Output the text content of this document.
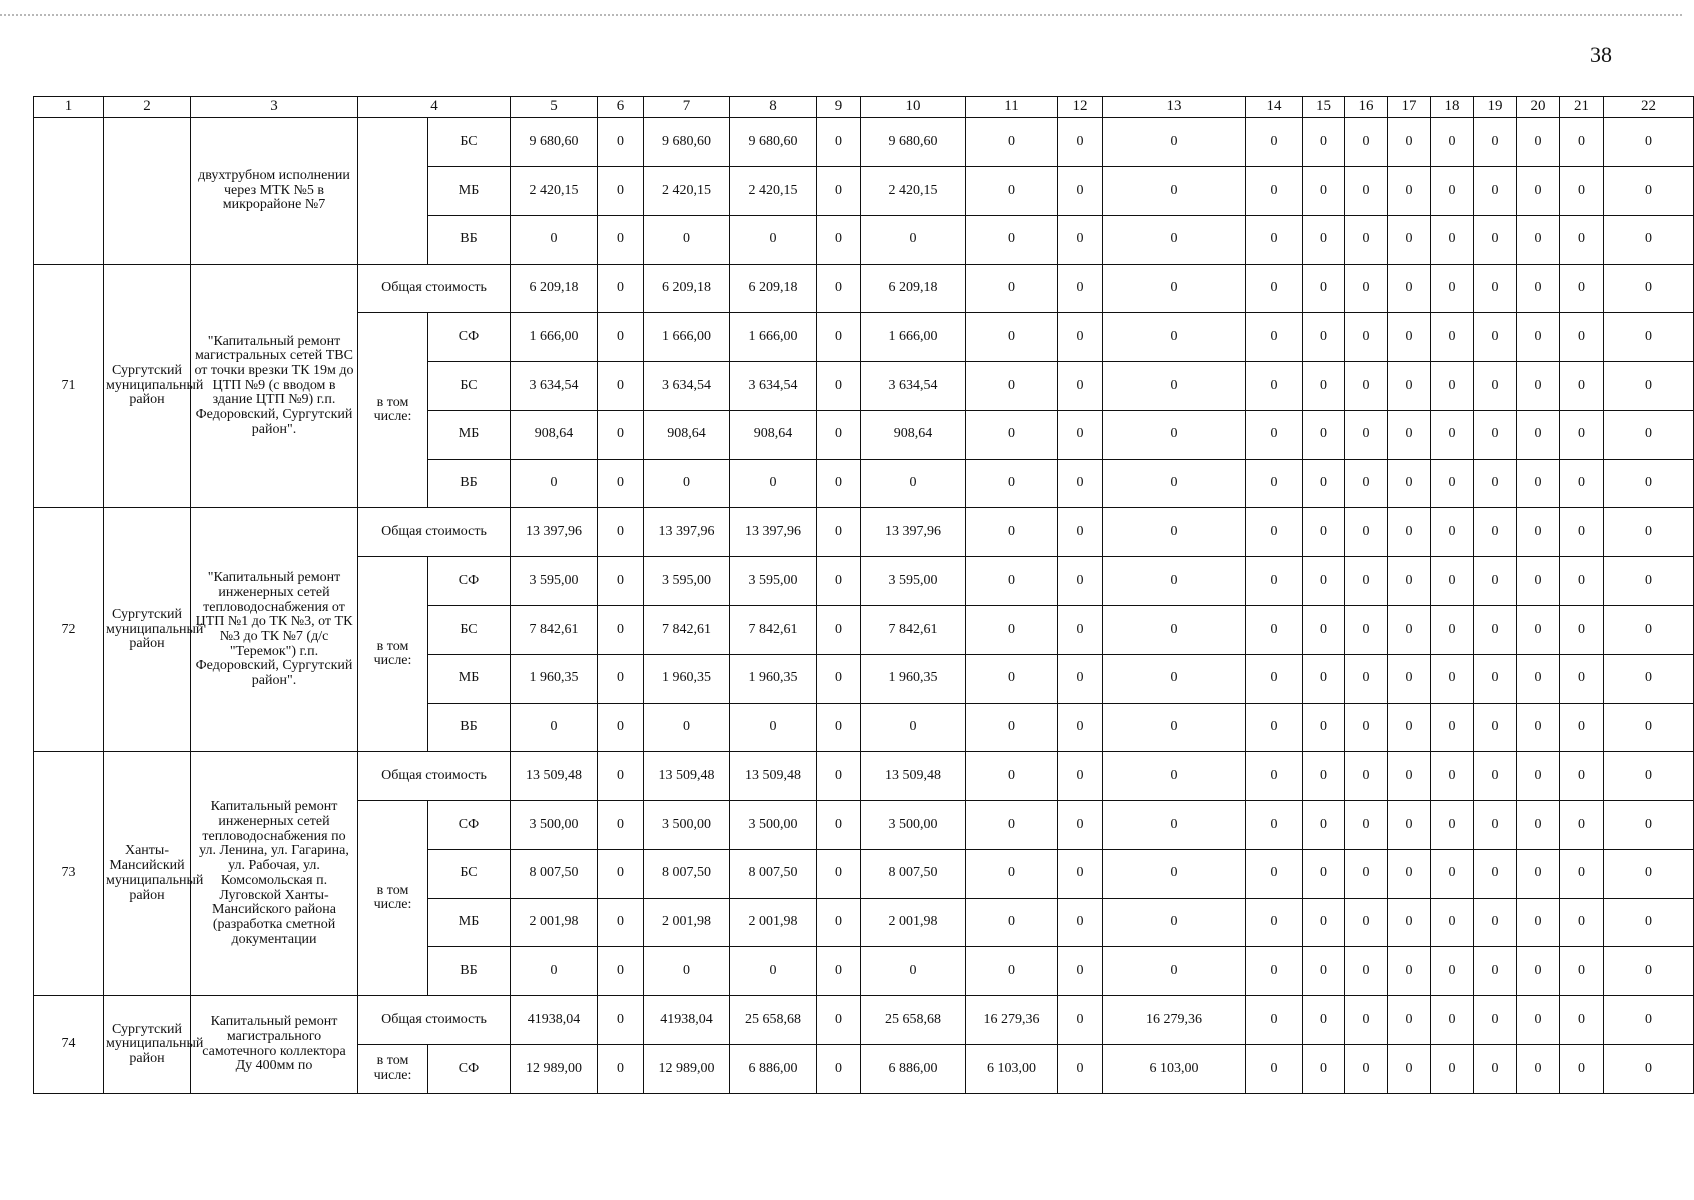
38
1	2	3	4		5	6	7	8	9	10	11	12	13	14	15	16	17	18	19	20	21	22
		двухтрубном исполнении через МТК №5 в микрорайоне №7		БС	9 680,60	0	9 680,60	9 680,60	0	9 680,60	0	0	0	0	0	0	0	0	0	0	0	0
				МБ	2 420,15	0	2 420,15	2 420,15	0	2 420,15	0	0	0	0	0	0	0	0	0	0	0	0
				ВБ	0	0	0	0	0	0	0	0	0	0	0	0	0	0	0	0	0	0
71	Сургутский муниципальный район	"Капитальный ремонт магистральных сетей ТВС от точки врезки ТК 19м до ЦТП №9 (с вводом в здание ЦТП №9) г.п. Федоровский, Сургутский район".	Общая стоимость		6 209,18	0	6 209,18	6 209,18	0	6 209,18	0	0	0	0	0	0	0	0	0	0	0	0
			в том числе:	СФ	1 666,00	0	1 666,00	1 666,00	0	1 666,00	0	0	0	0	0	0	0	0	0	0	0	0
				БС	3 634,54	0	3 634,54	3 634,54	0	3 634,54	0	0	0	0	0	0	0	0	0	0	0	0
				МБ	908,64	0	908,64	908,64	0	908,64	0	0	0	0	0	0	0	0	0	0	0	0
				ВБ	0	0	0	0	0	0	0	0	0	0	0	0	0	0	0	0	0	0
72	Сургутский муниципальный район	"Капитальный ремонт инженерных сетей тепловодоснабжения от ЦТП №1 до ТК №3, от ТК №3 до ТК №7 (д/с "Теремок") г.п. Федоровский, Сургутский район".	Общая стоимость		13 397,96	0	13 397,96	13 397,96	0	13 397,96	0	0	0	0	0	0	0	0	0	0	0	0
			в том числе:	СФ	3 595,00	0	3 595,00	3 595,00	0	3 595,00	0	0	0	0	0	0	0	0	0	0	0	0
				БС	7 842,61	0	7 842,61	7 842,61	0	7 842,61	0	0	0	0	0	0	0	0	0	0	0	0
				МБ	1 960,35	0	1 960,35	1 960,35	0	1 960,35	0	0	0	0	0	0	0	0	0	0	0	0
				ВБ	0	0	0	0	0	0	0	0	0	0	0	0	0	0	0	0	0	0
73	Ханты-Мансийский муниципальный район	Капитальный ремонт инженерных сетей тепловодоснабжения по ул. Ленина, ул. Гагарина, ул. Рабочая, ул. Комсомольская п. Луговской Ханты-Мансийского района (разработка сметной документации	Общая стоимость		13 509,48	0	13 509,48	13 509,48	0	13 509,48	0	0	0	0	0	0	0	0	0	0	0	0
			в том числе:	СФ	3 500,00	0	3 500,00	3 500,00	0	3 500,00	0	0	0	0	0	0	0	0	0	0	0	0
				БС	8 007,50	0	8 007,50	8 007,50	0	8 007,50	0	0	0	0	0	0	0	0	0	0	0	0
				МБ	2 001,98	0	2 001,98	2 001,98	0	2 001,98	0	0	0	0	0	0	0	0	0	0	0	0
				ВБ	0	0	0	0	0	0	0	0	0	0	0	0	0	0	0	0	0	0
74	Сургутский муниципальный район	Капитальный ремонт магистрального самотечного коллектора Ду 400мм по	Общая стоимость		41938,04	0	41938,04	25 658,68	0	25 658,68	16 279,36	0	16 279,36	0	0	0	0	0	0	0	0	0
			в том числе:	СФ	12 989,00	0	12 989,00	6 886,00	0	6 886,00	6 103,00	0	6 103,00	0	0	0	0	0	0	0	0	0
